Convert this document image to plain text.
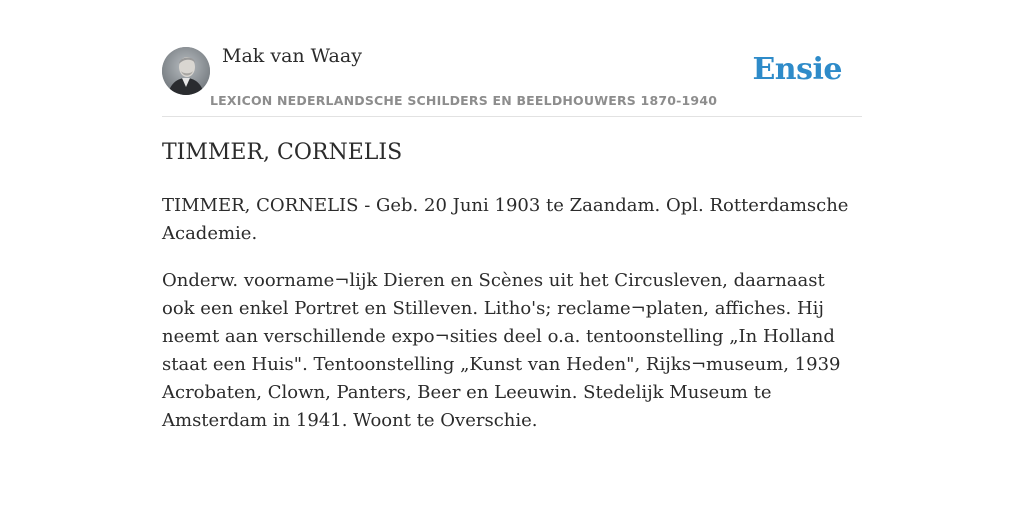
Mak van Waay
LEXICON NEDERLANDSCHE SCHILDERS EN BEELDHOUWERS 1870-1940
Ensie
TIMMER, CORNELIS

TIMMER, CORNELIS - Geb. 20 Juni 1903 te Zaandam. Opl. Rotterdamsche Academie.

Onderw. voorname¬lijk Dieren en Scènes uit het Circusleven, daarnaast ook een enkel Portret en Stilleven. Litho's; reclame¬platen, affiches. Hij neemt aan verschillende expo¬sities deel o.a. tentoonstelling „In Holland staat een Huis". Tentoonstelling „Kunst van Heden", Rijks¬museum, 1939 Acrobaten, Clown, Panters, Beer en Leeuwin. Stedelijk Museum te Amsterdam in 1941. Woont te Overschie.
